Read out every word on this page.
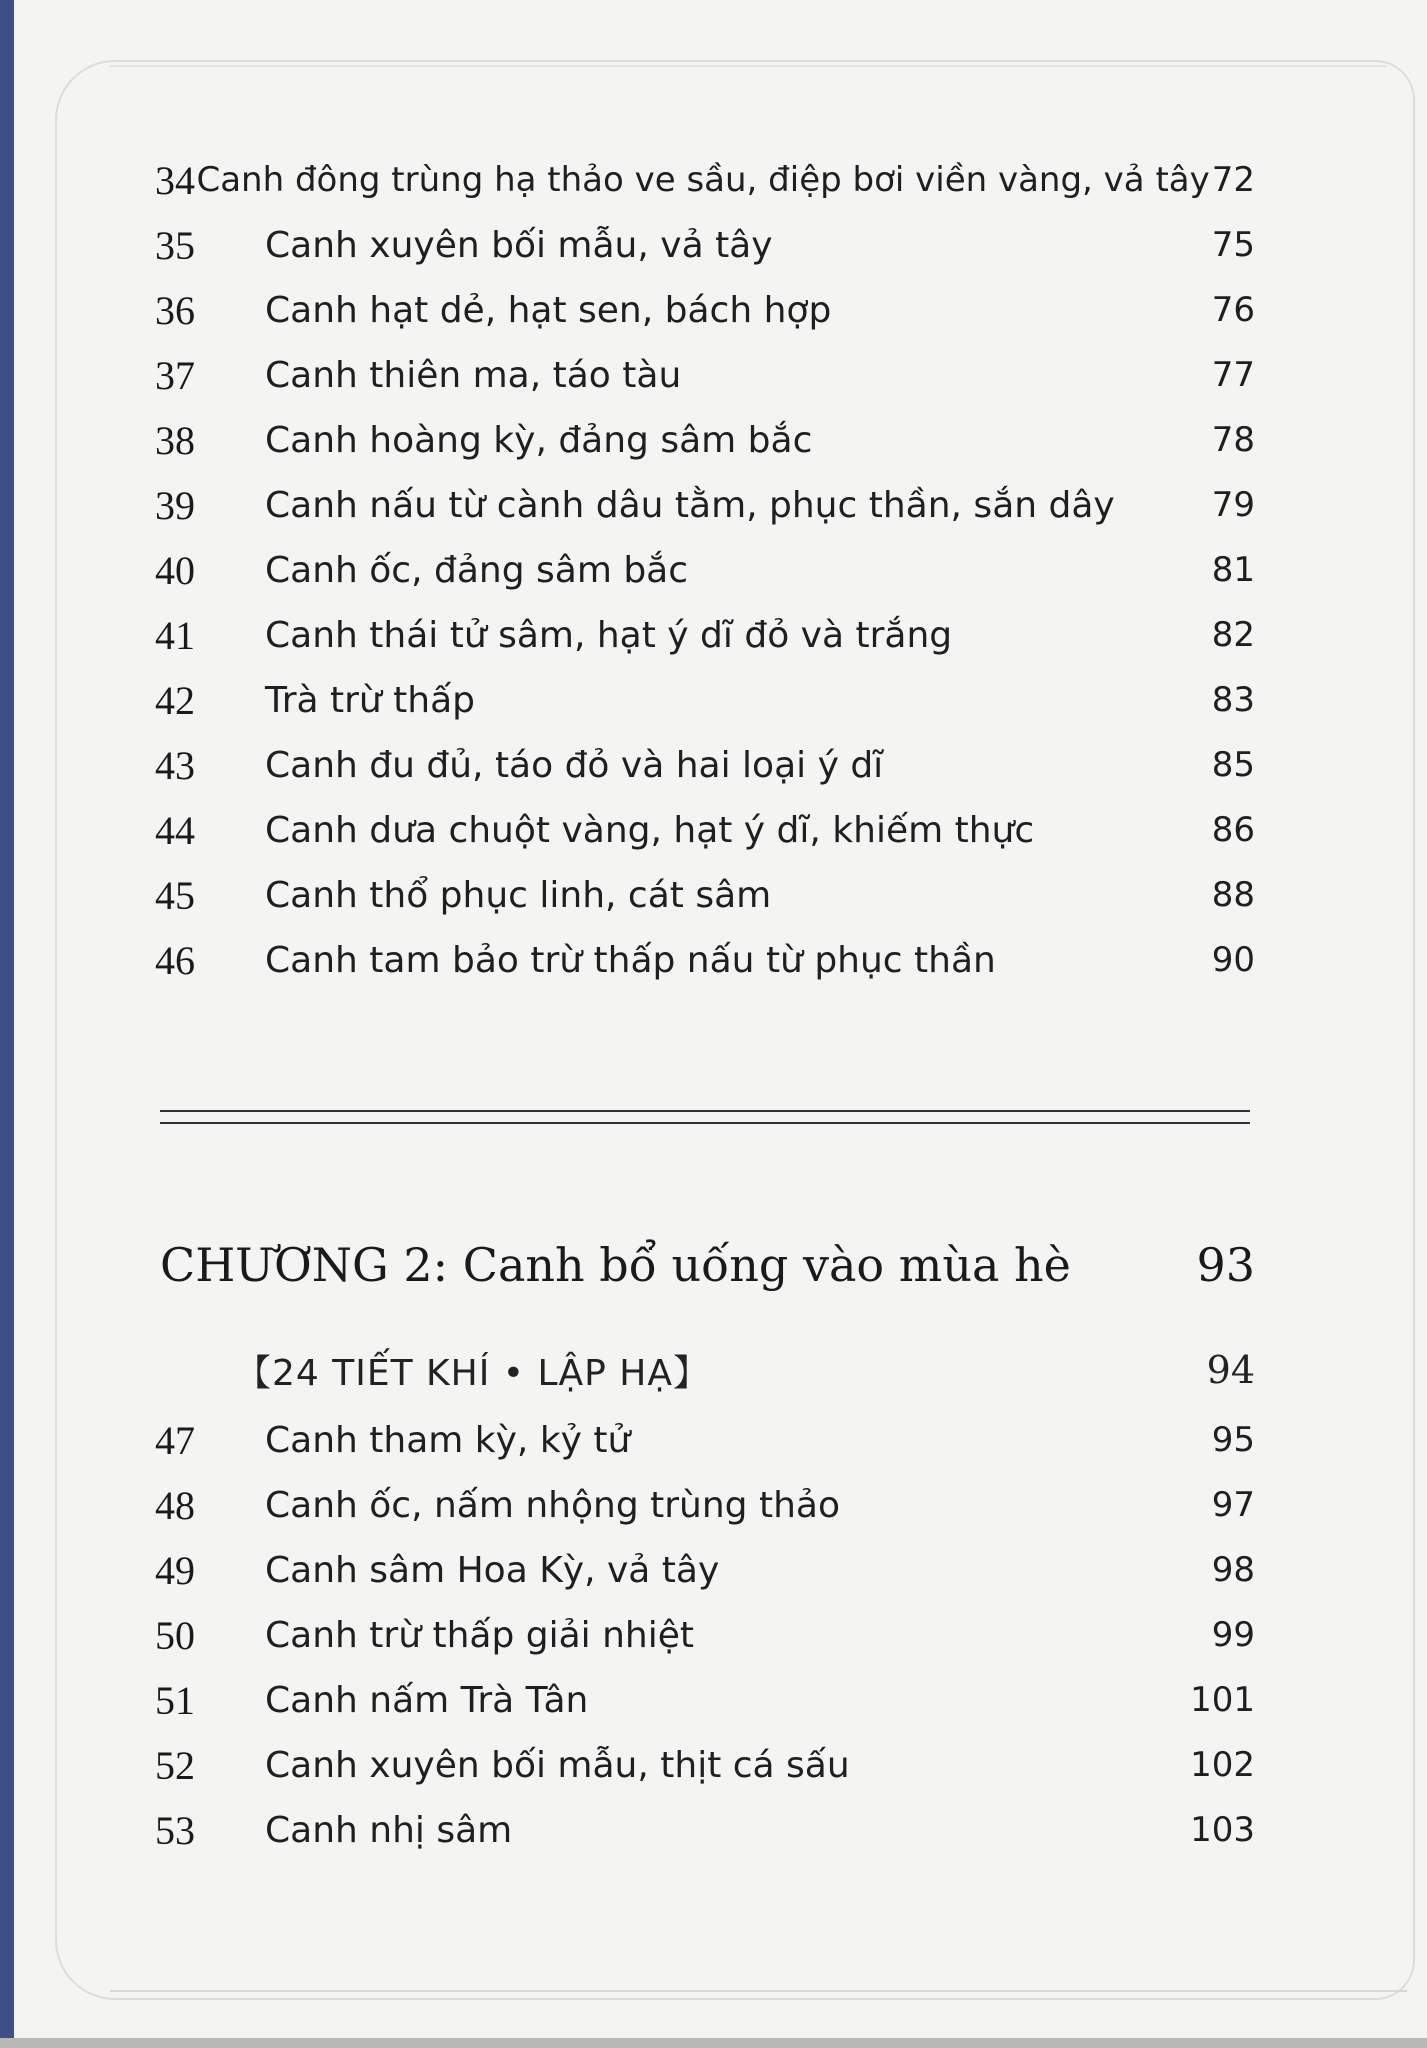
34 Canh đông trùng hạ thảo ve sầu, điệp bơi viền vàng, vả tây 72
35	Canh xuyên bối mẫu, vả tây	75
36	Canh hạt dẻ, hạt sen, bách hợp	76
37	Canh thiên ma, táo tàu	77
38	Canh hoàng kỳ, đảng sâm bắc	78
39	Canh nấu từ cành dâu tằm, phục thần, sắn dây	79
40	Canh ốc, đảng sâm bắc	81
41	Canh thái tử sâm, hạt ý dĩ đỏ và trắng	82
42	Trà trừ thấp	83
43	Canh đu đủ, táo đỏ và hai loại ý dĩ	85
44	Canh dưa chuột vàng, hạt ý dĩ, khiếm thực	86
45	Canh thổ phục linh, cát sâm	88
46	Canh tam bảo trừ thấp nấu từ phục thần	90
CHƯƠNG 2: Canh bổ uống vào mùa hè	93
【24 TIẾT KHÍ • LẬP HẠ】	94
47	Canh tham kỳ, kỷ tử	95
48	Canh ốc, nấm nhộng trùng thảo	97
49	Canh sâm Hoa Kỳ, vả tây	98
50	Canh trừ thấp giải nhiệt	99
51	Canh nấm Trà Tân	101
52	Canh xuyên bối mẫu, thịt cá sấu	102
53	Canh nhị sâm	103
